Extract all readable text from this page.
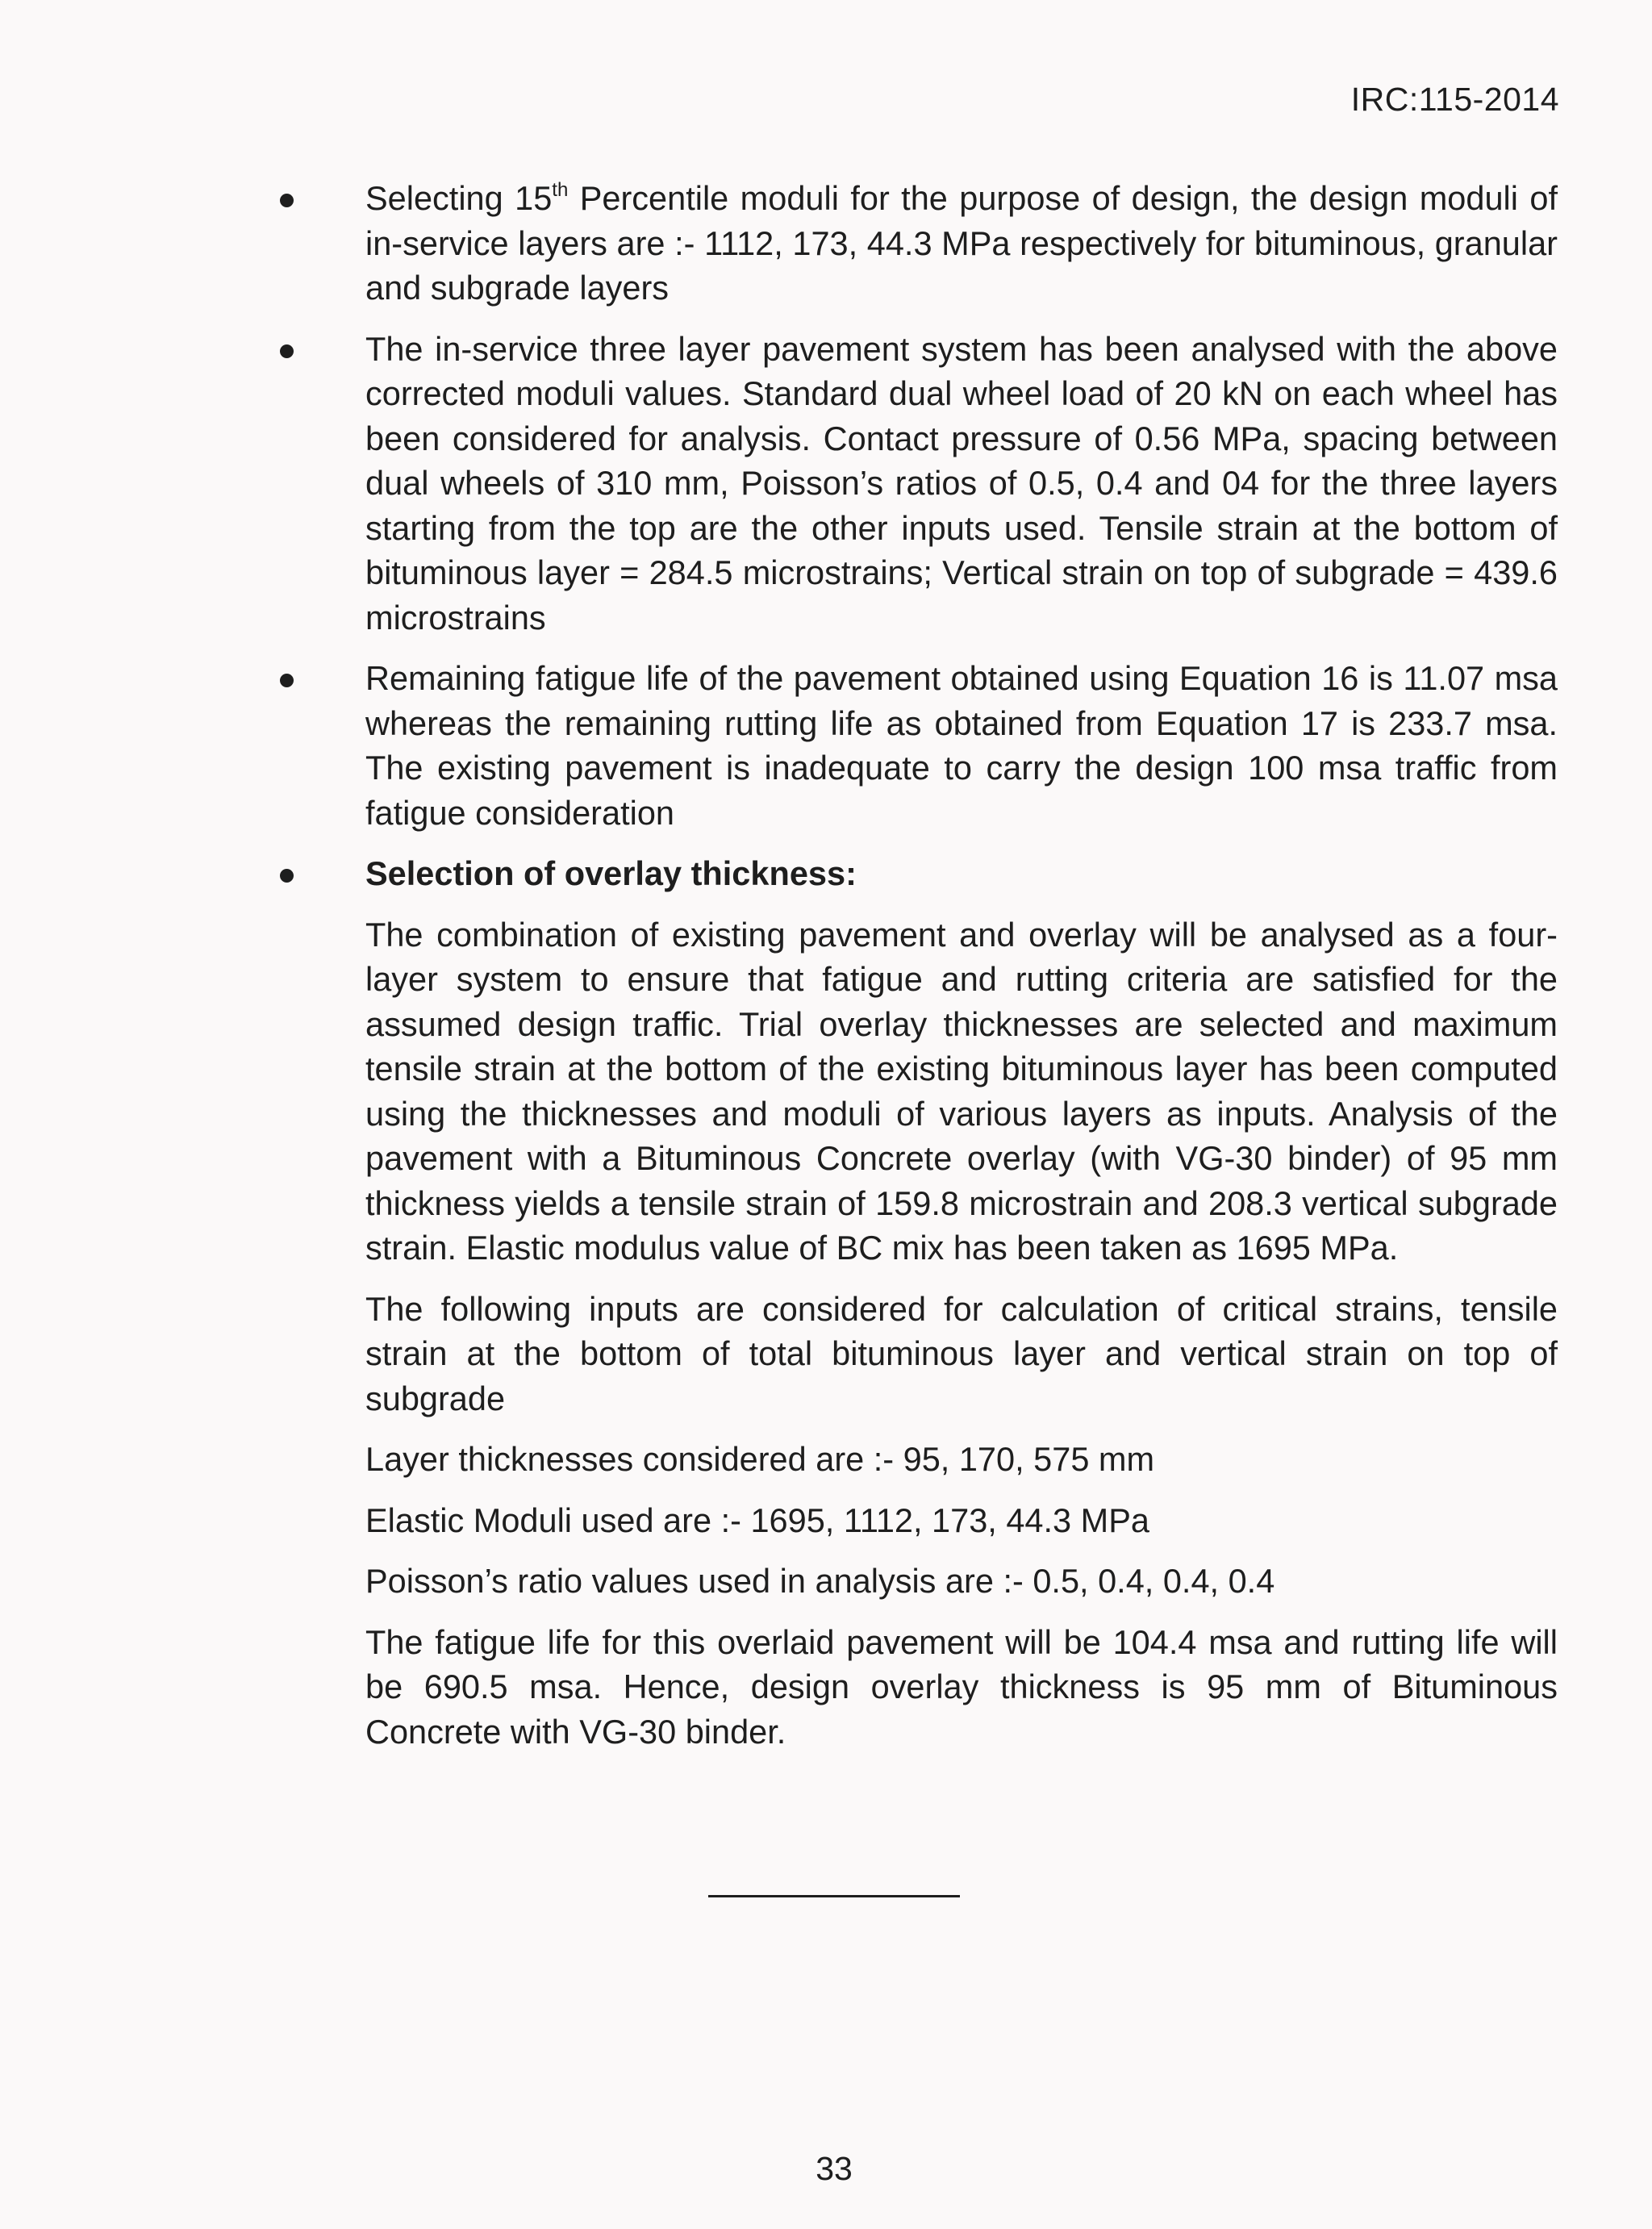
IRC:115-2014

Selecting 15th Percentile moduli for the purpose of design, the design moduli of in-service layers are :- 1112, 173, 44.3 MPa respectively for bituminous, granular and subgrade layers

The in-service three layer pavement system has been analysed with the above corrected moduli values. Standard dual wheel load of 20 kN on each wheel has been considered for analysis. Contact pressure of 0.56 MPa, spacing between dual wheels of 310 mm, Poisson’s ratios of 0.5, 0.4 and 04 for the three layers starting from the top are the other inputs used. Tensile strain at the bottom of bituminous layer = 284.5 microstrains; Vertical strain on top of subgrade = 439.6 microstrains

Remaining fatigue life of the pavement obtained using Equation 16 is 11.07 msa whereas the remaining rutting life as obtained from Equation 17 is 233.7 msa. The existing pavement is inadequate to carry the design 100 msa traffic from fatigue consideration

Selection of overlay thickness:

The combination of existing pavement and overlay will be analysed as a four-layer system to ensure that fatigue and rutting criteria are satisfied for the assumed design traffic. Trial overlay thicknesses are selected and maximum tensile strain at the bottom of the existing bituminous layer has been computed using the thicknesses and moduli of various layers as inputs. Analysis of the pavement with a Bituminous Concrete overlay (with VG-30 binder) of 95 mm thickness yields a tensile strain of 159.8 microstrain and 208.3 vertical subgrade strain. Elastic modulus value of BC mix has been taken as 1695 MPa.

The following inputs are considered for calculation of critical strains, tensile strain at the bottom of total bituminous layer and vertical strain on top of subgrade

Layer thicknesses considered are :- 95, 170, 575 mm

Elastic Moduli used are :- 1695, 1112, 173, 44.3 MPa

Poisson’s ratio values used in analysis are :- 0.5, 0.4, 0.4, 0.4

The fatigue life for this overlaid pavement will be 104.4 msa and rutting life will be 690.5 msa. Hence, design overlay thickness is 95 mm of Bituminous Concrete with VG-30 binder.

33
